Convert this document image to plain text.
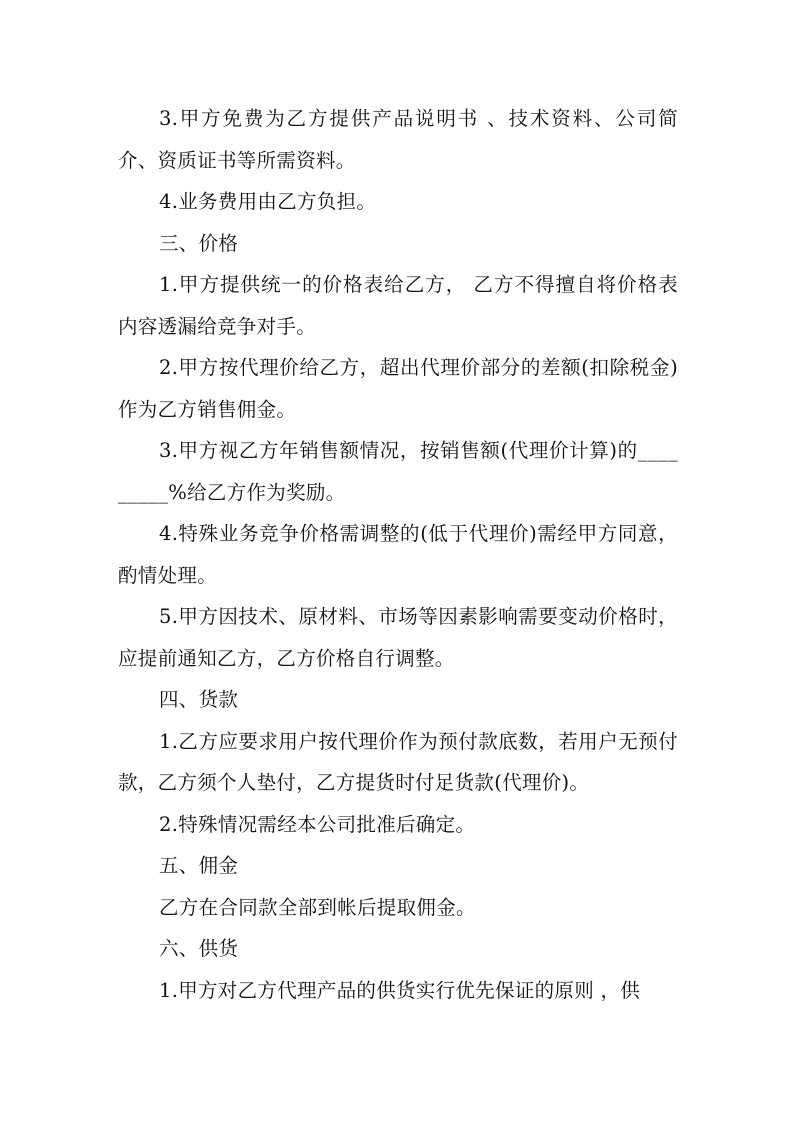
3.甲方免费为乙方提供产品说明书 、技术资料、公司简介、资质证书等所需资料。

4.业务费用由乙方负担。

三、价格

1.甲方提供统一的价格表给乙方， 乙方不得擅自将价格表内容透漏给竞争对手。

2.甲方按代理价给乙方，超出代理价部分的差额(扣除税金)作为乙方销售佣金。

3.甲方视乙方年销售额情况，按销售额(代理价计算)的_________%给乙方作为奖励。

4.特殊业务竞争价格需调整的(低于代理价)需经甲方同意，酌情处理。

5.甲方因技术、原材料、市场等因素影响需要变动价格时，应提前通知乙方，乙方价格自行调整。

四、货款

1.乙方应要求用户按代理价作为预付款底数，若用户无预付款，乙方须个人垫付，乙方提货时付足货款(代理价)。

2.特殊情况需经本公司批准后确定。

五、佣金

乙方在合同款全部到帐后提取佣金。

六、供货

1.甲方对乙方代理产品的供货实行优先保证的原则 ，供
